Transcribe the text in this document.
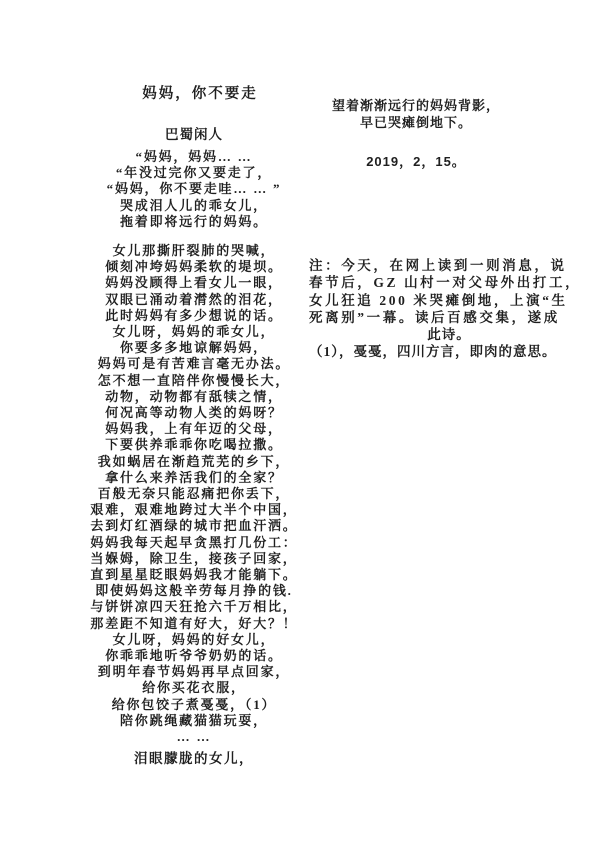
妈妈，你不要走
巴蜀闲人
“妈妈，妈妈… …
“年没过完你又要走了，
“妈妈，你不要走哇… … ”
哭成泪人儿的乖女儿，
拖着即将远行的妈妈。
女儿那撕肝裂肺的哭喊，
倾刻冲垮妈妈柔软的堤坝。
妈妈没顾得上看女儿一眼，
双眼已涌动着潸然的泪花，
此时妈妈有多少想说的话。
女儿呀，妈妈的乖女儿，
你要多多地谅解妈妈，
妈妈可是有苦难言毫无办法。
怎不想一直陪伴你慢慢长大，
动物，动物都有舐犊之情，
何况高等动物人类的妈呀？
妈妈我，上有年迈的父母，
下要供养乖乖你吃喝拉撒。
我如蜗居在渐趋荒芜的乡下，
拿什么来养活我们的全家？
百般无奈只能忍痛把你丢下，
艰难，艰难地跨过大半个中国，
去到灯红酒绿的城市把血汗洒。
妈妈我每天起早贪黑打几份工：
当媬姆，除卫生，接孩子回家，
直到星星眨眼妈妈我才能躺下。
即使妈妈这般辛劳每月挣的钱.
与饼饼凉四天狂抢六千万相比，
那差距不知道有好大，好大？！
女儿呀，妈妈的好女儿，
你乖乖地听爷爷奶奶的话。
到明年春节妈妈再早点回家，
给你买花衣服，
给你包饺子煮戞戞，（1）
陪你跳绳藏猫猫玩耍，
… …
泪眼朦胧的女儿，
望着渐渐远行的妈妈背影，
早已哭瘫倒地下。
2019，2，15。
注：今天，在网上读到一则消息，说
春节后，GZ 山村一对父母外出打工，
女儿狂追 200 米哭瘫倒地，上演“生
死离别”一幕。读后百感交集，遂成
此诗。
（1），戞戞，四川方言，即肉的意思。
